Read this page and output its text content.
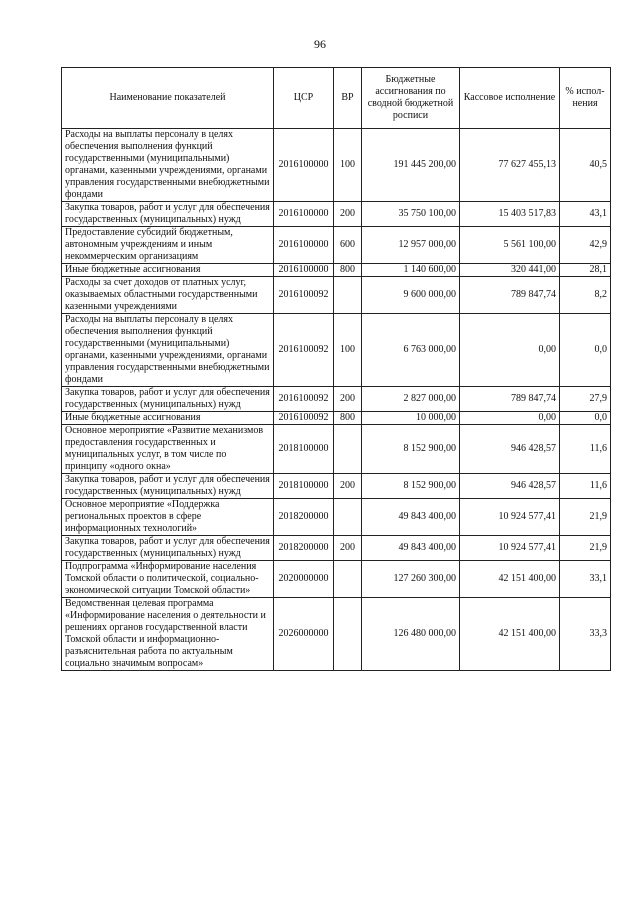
96
Наименование показателей	ЦСР	ВР	Бюджетные ассигнования по сводной бюджетной росписи	Кассовое исполнение	% испол-нения
Расходы на выплаты персоналу в целях обеспечения выполнения функций государственными (муниципальными) органами, казенными учреждениями, органами управления государственными внебюджетными фондами	2016100000	100	191 445 200,00	77 627 455,13	40,5
Закупка товаров, работ и услуг для обеспечения государственных (муниципальных) нужд	2016100000	200	35 750 100,00	15 403 517,83	43,1
Предоставление субсидий бюджетным, автономным учреждениям и иным некоммерческим организациям	2016100000	600	12 957 000,00	5 561 100,00	42,9
Иные бюджетные ассигнования	2016100000	800	1 140 600,00	320 441,00	28,1
Расходы за счет доходов от платных услуг, оказываемых областными государственными казенными учреждениями	2016100092		9 600 000,00	789 847,74	8,2
Расходы на выплаты персоналу в целях обеспечения выполнения функций государственными (муниципальными) органами, казенными учреждениями, органами управления государственными внебюджетными фондами	2016100092	100	6 763 000,00	0,00	0,0
Закупка товаров, работ и услуг для обеспечения государственных (муниципальных) нужд	2016100092	200	2 827 000,00	789 847,74	27,9
Иные бюджетные ассигнования	2016100092	800	10 000,00	0,00	0,0
Основное мероприятие «Развитие механизмов предоставления государственных и муниципальных услуг, в том числе по принципу «одного окна»	2018100000		8 152 900,00	946 428,57	11,6
Закупка товаров, работ и услуг для обеспечения государственных (муниципальных) нужд	2018100000	200	8 152 900,00	946 428,57	11,6
Основное мероприятие «Поддержка региональных проектов в сфере информационных технологий»	2018200000		49 843 400,00	10 924 577,41	21,9
Закупка товаров, работ и услуг для обеспечения государственных (муниципальных) нужд	2018200000	200	49 843 400,00	10 924 577,41	21,9
Подпрограмма «Информирование населения Томской области о политической, социально-экономической ситуации Томской области»	2020000000		127 260 300,00	42 151 400,00	33,1
Ведомственная целевая программа «Информирование населения о деятельности и решениях органов государственной власти Томской области и информационно-разъяснительная работа по актуальным социально значимым вопросам»	2026000000		126 480 000,00	42 151 400,00	33,3
